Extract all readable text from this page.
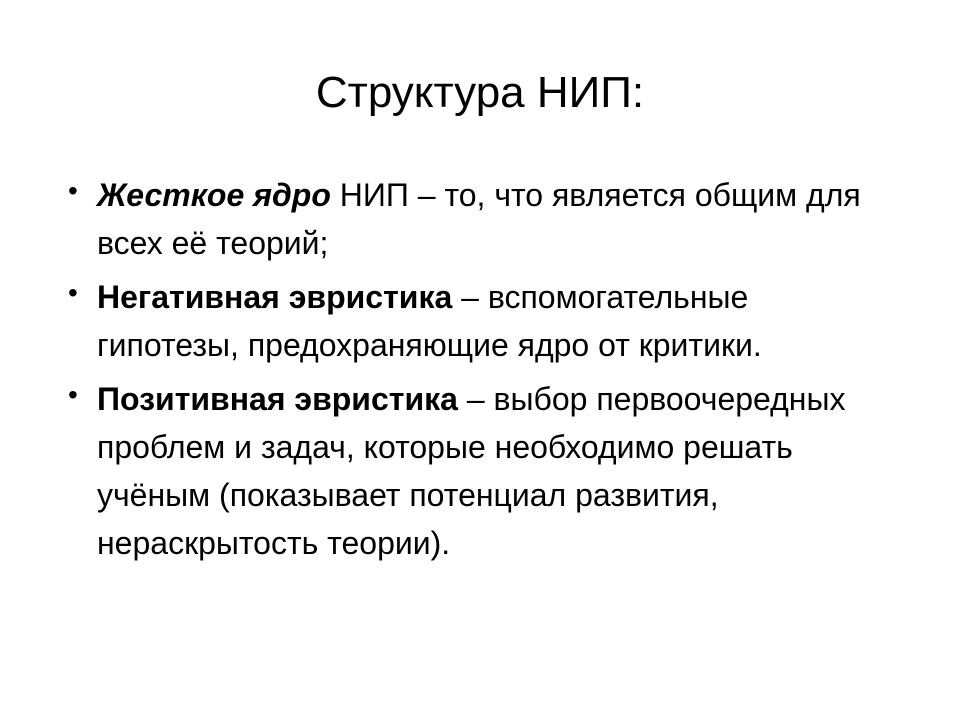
Структура НИП:
• Жесткое ядро НИП – то, что является общим для всех её теорий;
• Негативная эвристика – вспомогательные гипотезы, предохраняющие ядро от критики.
• Позитивная эвристика – выбор первоочередных проблем и задач, которые необходимо решать учёным (показывает потенциал развития, нераскрытость теории).
